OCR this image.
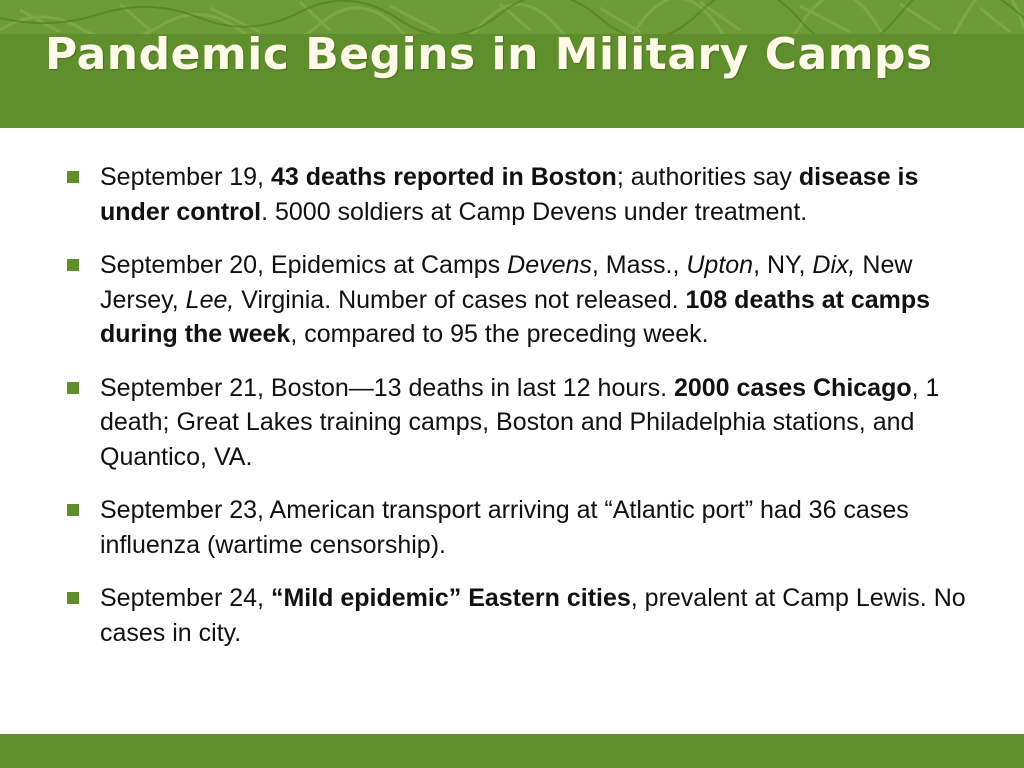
Pandemic Begins in Military Camps
September 19, 43 deaths reported in Boston; authorities say disease is under control. 5000 soldiers at Camp Devens under treatment.
September 20, Epidemics at Camps Devens, Mass., Upton, NY, Dix, New Jersey, Lee, Virginia. Number of cases not released. 108 deaths at camps during the week, compared to 95 the preceding week.
September 21, Boston—13 deaths in last 12 hours. 2000 cases Chicago, 1 death; Great Lakes training camps, Boston and Philadelphia stations, and Quantico, VA.
September 23, American transport arriving at “Atlantic port” had 36 cases influenza (wartime censorship).
September 24, “Mild epidemic” Eastern cities, prevalent at Camp Lewis. No cases in city.
